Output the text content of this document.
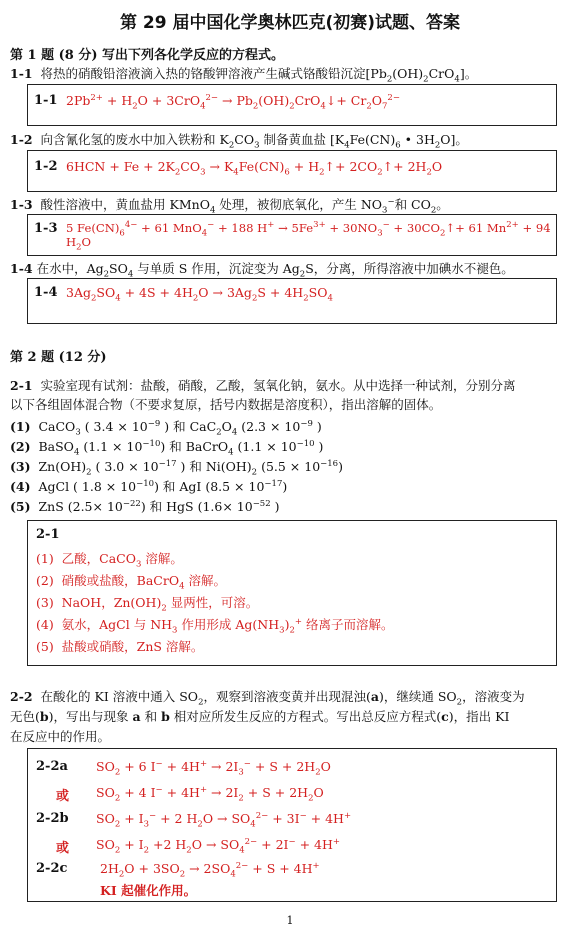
第 29 届中国化学奥林匹克(初赛)试题、答案
第 1 题 (8 分) 写出下列各化学反应的方程式。
1-1  将热的硝酸铅溶液滴入热的铬酸钾溶液产生碱式铬酸铅沉淀$[Pb_2(OH)_2CrO_4]$。
1-1 $2Pb^{2+} + H_2O + 3CrO_4^{2-}$ → $Pb_2(OH)_2CrO_4↓+ Cr_2O_7^{2-}$
1-2  向含氰化氢的废水中加入铁粉和 $K_2CO_3$ 制备黄血盐 [$K_4Fe(CN)_6$ • $3H_2O$]。
1-2 $6HCN + Fe + 2K_2CO_3 \to K_4Fe(CN)_6$ + $H_2↑+$ $2CO_2↑+ 2H_2O$
1-3  酸性溶液中，黄血盐用 KMnO$_4$ 处理，被彻底氧化，产生 $NO_3^-$和 $CO_2$。
1-3 5 $Fe(CN)_6^{4-} + 61$ MnO$_4$− + 188 $H^+ \to 5Fe^{3+} + 30NO_3^-$ + $30CO_2↑+ 61$ $Mn^{2+} + 94$ $H_2O$
1-4 在水中，$Ag_2SO_4$ 与单质 S 作用，沉淀变为 $Ag_2S$，分离，所得溶液中加碘水不褪色。
1-4 $3Ag_2SO_4 + 4S + 4H_2O \to 3Ag_2S + 4H_2SO_4$
第 2 题 (12 分)
2-1  实验室现有试剂：盐酸，硝酸，乙酸，氢氧化钠，氨水。从中选择一种试剂，分别分离
以下各组固体混合物（不要求复原，括号内数据是溶度积），指出溶解的固体。
(1)  CaCO$_3$ ( $3.4 \times 10^{-9}$ ) 和 $CaC_2O_4$ ($2.3 \times 10^{-9}$ )
(2)  BaSO$_4$ $(1.1 \times 10^{-10})$ 和 BaCrO$_4$ ($1.1 \times 10^{-10}$ )
(3)  $Zn(OH)_2$ ( $3.0 \times 10^{-17}$ ) 和 $Ni(OH)_2$ $(5.5 \times 10^{-16})$
(4)  AgCl ( $1.8 \times 10^{-10}$) 和 AgI $(8.5 \times 10^{-17})$
(5)  ZnS $(2.5\times 10^{-22})$ 和 HgS ($1.6\times 10^{-52}$ )
2-1
(1)  乙酸，CaCO$_3$ 溶解。
(2)  硝酸或盐酸，BaCrO$_4$ 溶解。
(3)  NaOH，$Zn(OH)_2$ 显两性，可溶。
(4)  氨水，AgCl 与 $NH_3$ 作用形成 $Ag(NH_3)_2^+$ 络离子而溶解。
(5)  盐酸或硝酸，ZnS 溶解。
2-2  在酸化的 KI 溶液中通入 $SO_2$，观察到溶液变黄并出现混浊(a)，继续通 $SO_2$，溶液变为
无色(b)，写出与现象 a 和 b 相对应所发生反应的方程式。写出总反应方程式(c)，指出 KI
在反应中的作用。
2-2a $SO_2 + 6$ $I^- + 4H^+ \to 2I_3^- + S + 2H_2O$
或 $SO_2 + 4$ $I^- + 4H^+ \to 2I_2 + S + 2H_2O$
2-2b $SO_2 + I_3^- + 2$ $H_2O \to SO_4^{2-} + 3I^- + 4H^+$
或 $SO_2 + I_2 +2$ $H_2O \to SO_4^{2-} + 2I^- + 4H^+$
2-2c	$2H_2O + 3SO_2 \to 2SO_4^{2-} + S + 4H^+$
KI 起催化作用。
1
